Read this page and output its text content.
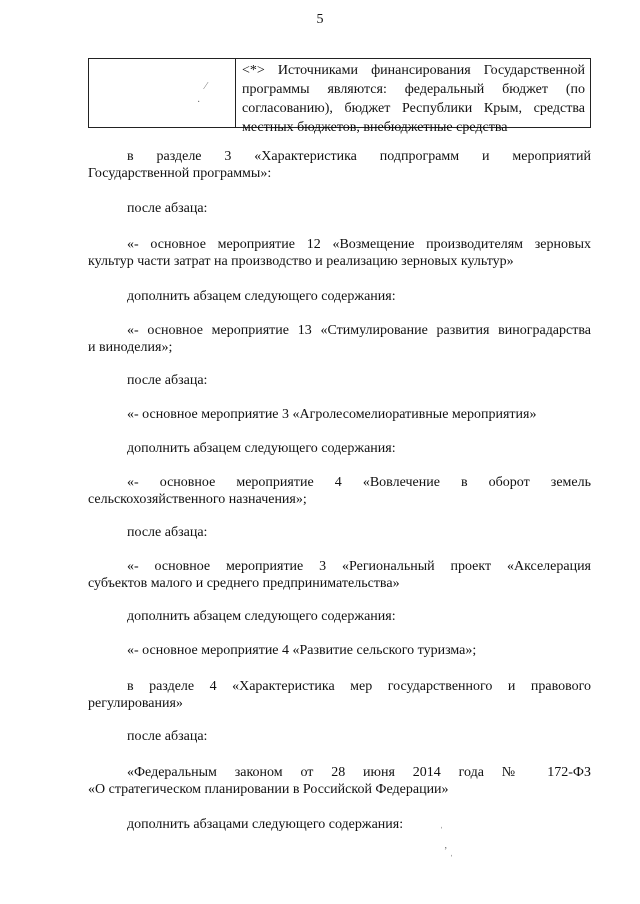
5
⁄
·
<*> Источниками финансирования Государственной программы являются: федеральный бюджет (по согласованию), бюджет Республики Крым, средства местных бюджетов, внебюджетные средства

в разделе 3 «Характеристика подпрограмм и мероприятий

Государственной программы»:

после абзаца:

«- основное мероприятие 12 «Возмещение производителям зерновых

культур части затрат на производство и реализацию зерновых культур»

дополнить абзацем следующего содержания:

«- основное мероприятие 13 «Стимулирование развития виноградарства

и виноделия»;

после абзаца:

«- основное мероприятие 3 «Агролесомелиоративные мероприятия»

дополнить абзацем следующего содержания:

«- основное мероприятие 4 «Вовлечение в оборот земель

сельскохозяйственного назначения»;

после абзаца:

«- основное мероприятие 3 «Региональный проект «Акселерация

субъектов малого и среднего предпринимательства»

дополнить абзацем следующего содержания:

«- основное мероприятие 4 «Развитие сельского туризма»;

в разделе 4 «Характеристика мер государственного и правового

регулирования»

после абзаца:

«Федеральным законом от 28 июня 2014 года № 172-ФЗ

«О стратегическом планировании в Российской Федерации»

дополнить абзацами следующего содержания:	ˈ
ʼ ˌ
